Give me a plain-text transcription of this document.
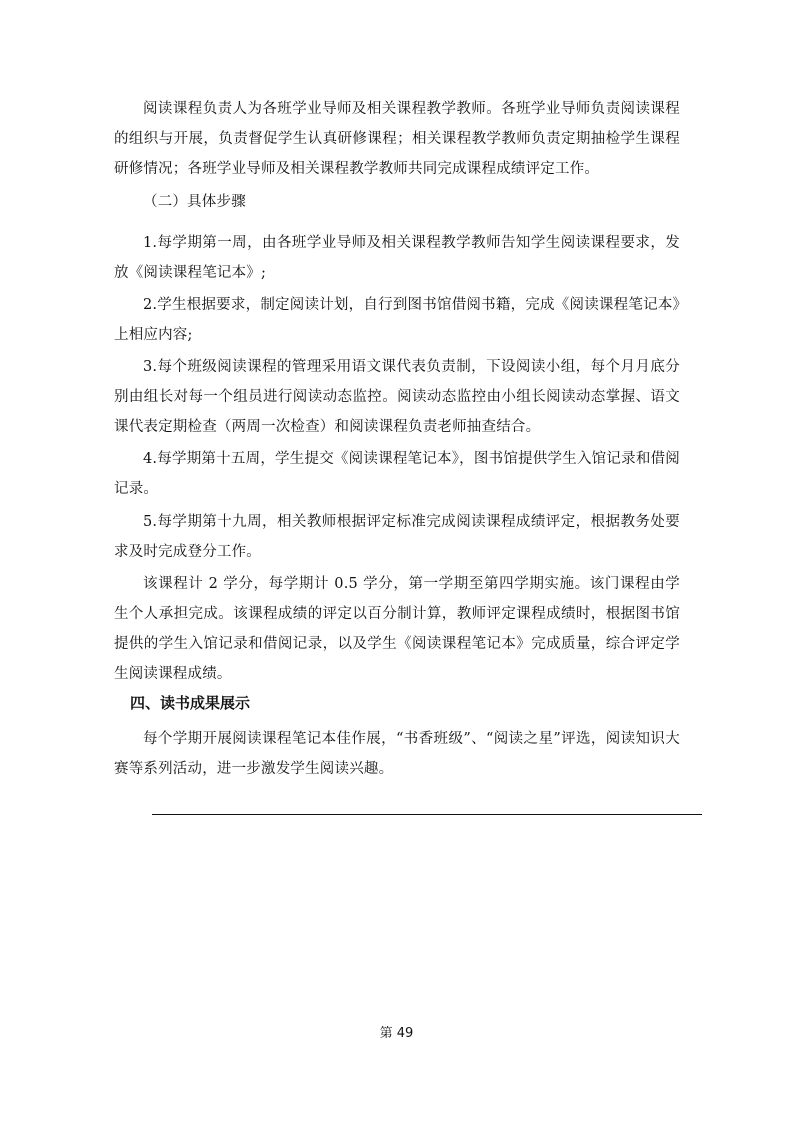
阅读课程负责人为各班学业导师及相关课程教学教师。各班学业导师负责阅读课程的组织与开展，负责督促学生认真研修课程；相关课程教学教师负责定期抽检学生课程研修情况；各班学业导师及相关课程教学教师共同完成课程成绩评定工作。

（二）具体步骤

1.每学期第一周，由各班学业导师及相关课程教学教师告知学生阅读课程要求，发放《阅读课程笔记本》;

2.学生根据要求，制定阅读计划，自行到图书馆借阅书籍，完成《阅读课程笔记本》上相应内容;

3.每个班级阅读课程的管理采用语文课代表负责制，下设阅读小组，每个月月底分别由组长对每一个组员进行阅读动态监控。阅读动态监控由小组长阅读动态掌握、语文课代表定期检查（两周一次检查）和阅读课程负责老师抽查结合。

4.每学期第十五周，学生提交《阅读课程笔记本》，图书馆提供学生入馆记录和借阅记录。

5.每学期第十九周，相关教师根据评定标准完成阅读课程成绩评定，根据教务处要求及时完成登分工作。

该课程计 2 学分，每学期计 0.5 学分，第一学期至第四学期实施。该门课程由学生个人承担完成。该课程成绩的评定以百分制计算，教师评定课程成绩时，根据图书馆提供的学生入馆记录和借阅记录，以及学生《阅读课程笔记本》完成质量，综合评定学生阅读课程成绩。

四、读书成果展示

每个学期开展阅读课程笔记本佳作展，“书香班级”、“阅读之星”评选，阅读知识大赛等系列活动，进一步激发学生阅读兴趣。

第 49
